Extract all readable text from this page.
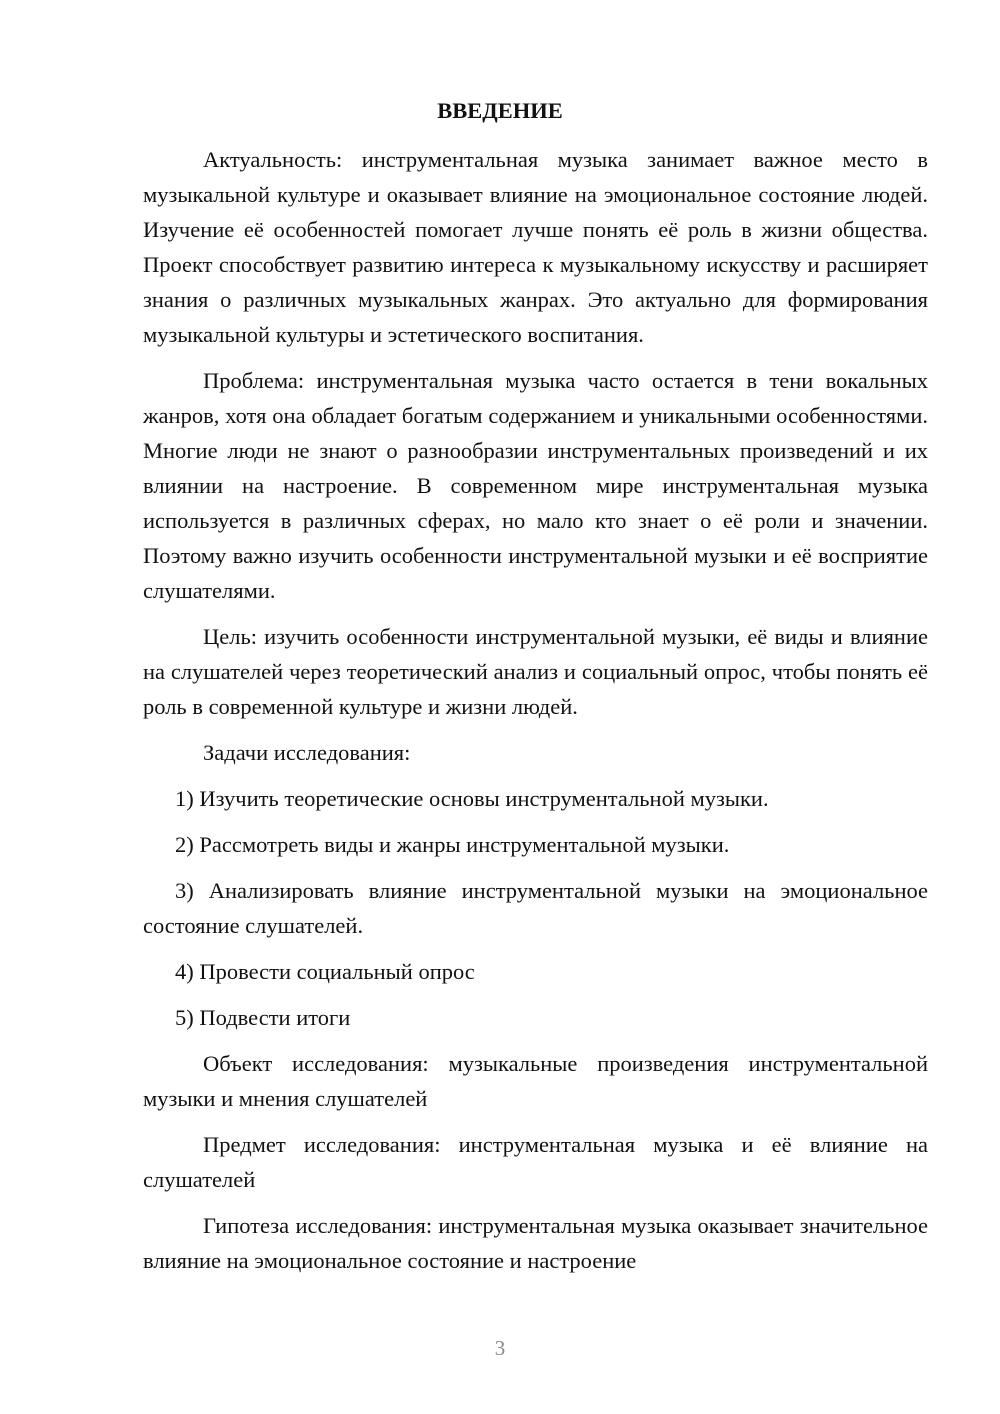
ВВЕДЕНИЕ

Актуальность: инструментальная музыка занимает важное место в музыкальной культуре и оказывает влияние на эмоциональное состояние людей. Изучение её особенностей помогает лучше понять её роль в жизни общества. Проект способствует развитию интереса к музыкальному искусству и расширяет знания о различных музыкальных жанрах. Это актуально для формирования музыкальной культуры и эстетического воспитания.

Проблема: инструментальная музыка часто остается в тени вокальных жанров, хотя она обладает богатым содержанием и уникальными особенностями. Многие люди не знают о разнообразии инструментальных произведений и их влиянии на настроение. В современном мире инструментальная музыка используется в различных сферах, но мало кто знает о её роли и значении. Поэтому важно изучить особенности инструментальной музыки и её восприятие слушателями.

Цель: изучить особенности инструментальной музыки, её виды и влияние на слушателей через теоретический анализ и социальный опрос, чтобы понять её роль в современной культуре и жизни людей.

Задачи исследования:

1) Изучить теоретические основы инструментальной музыки.

2) Рассмотреть виды и жанры инструментальной музыки.

3) Анализировать влияние инструментальной музыки на эмоциональное состояние слушателей.

4) Провести социальный опрос

5) Подвести итоги

Объект исследования: музыкальные произведения инструментальной музыки и мнения слушателей

Предмет исследования: инструментальная музыка и её влияние на слушателей

Гипотеза исследования: инструментальная музыка оказывает значительное влияние на эмоциональное состояние и настроение

3
